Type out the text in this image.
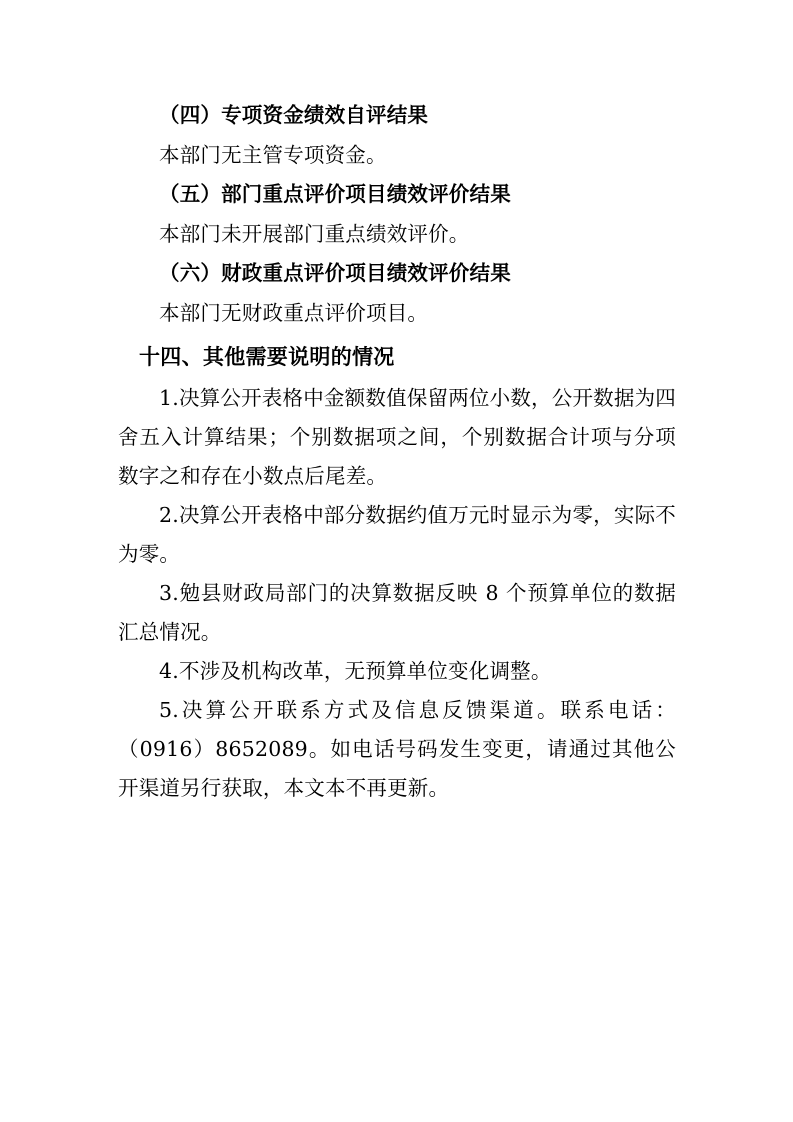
（四）专项资金绩效自评结果

本部门无主管专项资金。

（五）部门重点评价项目绩效评价结果

本部门未开展部门重点绩效评价。

（六）财政重点评价项目绩效评价结果

本部门无财政重点评价项目。

十四、其他需要说明的情况

1.决算公开表格中金额数值保留两位小数，公开数据为四舍五入计算结果；个别数据项之间，个别数据合计项与分项数字之和存在小数点后尾差。

2.决算公开表格中部分数据约值万元时显示为零，实际不为零。

3.勉县财政局部门的决算数据反映 8 个预算单位的数据汇总情况。

4.不涉及机构改革，无预算单位变化调整。

5.决算公开联系方式及信息反馈渠道。联系电话：（0916）8652089。如电话号码发生变更，请通过其他公开渠道另行获取，本文本不再更新。
